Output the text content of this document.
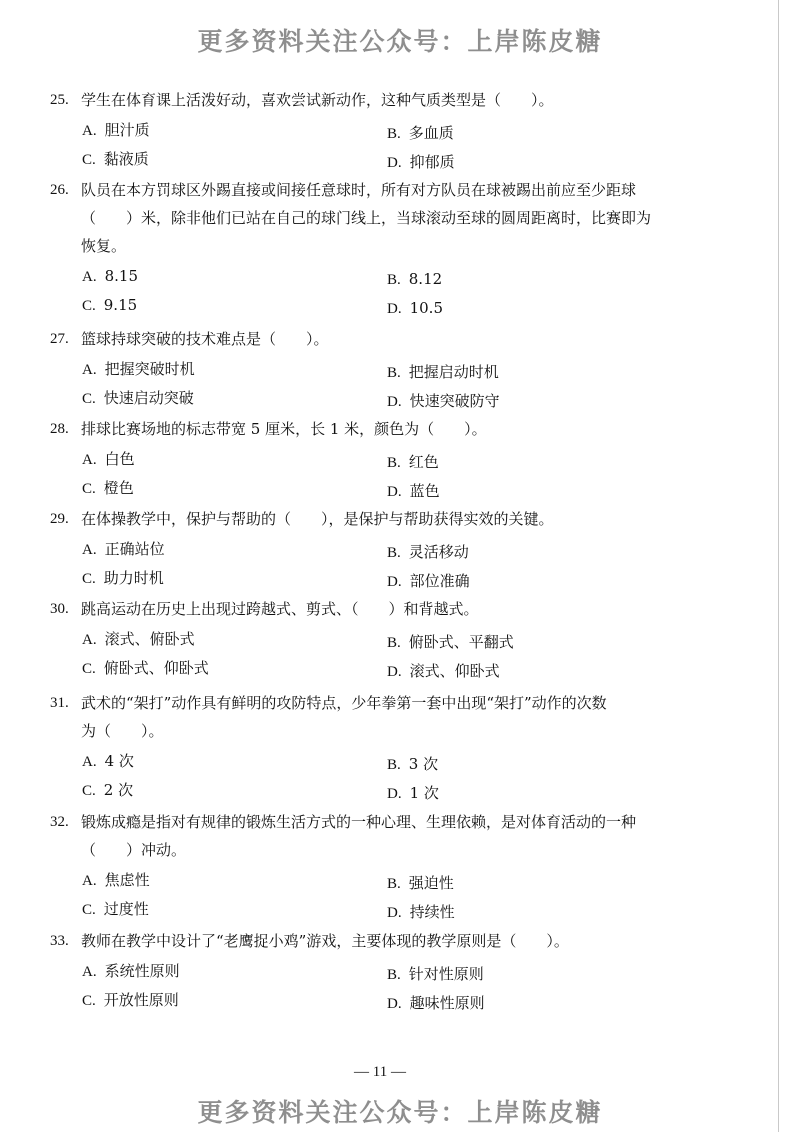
更多资料关注公众号：上岸陈皮糖
25. 学生在体育课上活泼好动，喜欢尝试新动作，这种气质类型是（　　）。
A. 胆汁质	B. 多血质
C. 黏液质	D. 抑郁质
26. 队员在本方罚球区外踢直接或间接任意球时，所有对方队员在球被踢出前应至少距球
（　　）米，除非他们已站在自己的球门线上，当球滚动至球的圆周距离时，比赛即为
恢复。
A. 8.15	B. 8.12
C. 9.15	D. 10.5
27. 篮球持球突破的技术难点是（　　）。
A. 把握突破时机	B. 把握启动时机
C. 快速启动突破	D. 快速突破防守
28. 排球比赛场地的标志带宽 5 厘米，长 1 米，颜色为（　　）。
A. 白色	B. 红色
C. 橙色	D. 蓝色
29. 在体操教学中，保护与帮助的（　　），是保护与帮助获得实效的关键。
A. 正确站位	B. 灵活移动
C. 助力时机	D. 部位准确
30. 跳高运动在历史上出现过跨越式、剪式、（　　）和背越式。
A. 滚式、俯卧式	B. 俯卧式、平翻式
C. 俯卧式、仰卧式	D. 滚式、仰卧式
31. 武术的“架打”动作具有鲜明的攻防特点，少年拳第一套中出现“架打”动作的次数
为（　　）。
A. 4 次	B. 3 次
C. 2 次	D. 1 次
32. 锻炼成瘾是指对有规律的锻炼生活方式的一种心理、生理依赖，是对体育活动的一种
（　　）冲动。
A. 焦虑性	B. 强迫性
C. 过度性	D. 持续性
33. 教师在教学中设计了“老鹰捉小鸡”游戏，主要体现的教学原则是（　　）。
A. 系统性原则	B. 针对性原则
C. 开放性原则	D. 趣味性原则
— 11 —
更多资料关注公众号：上岸陈皮糖
